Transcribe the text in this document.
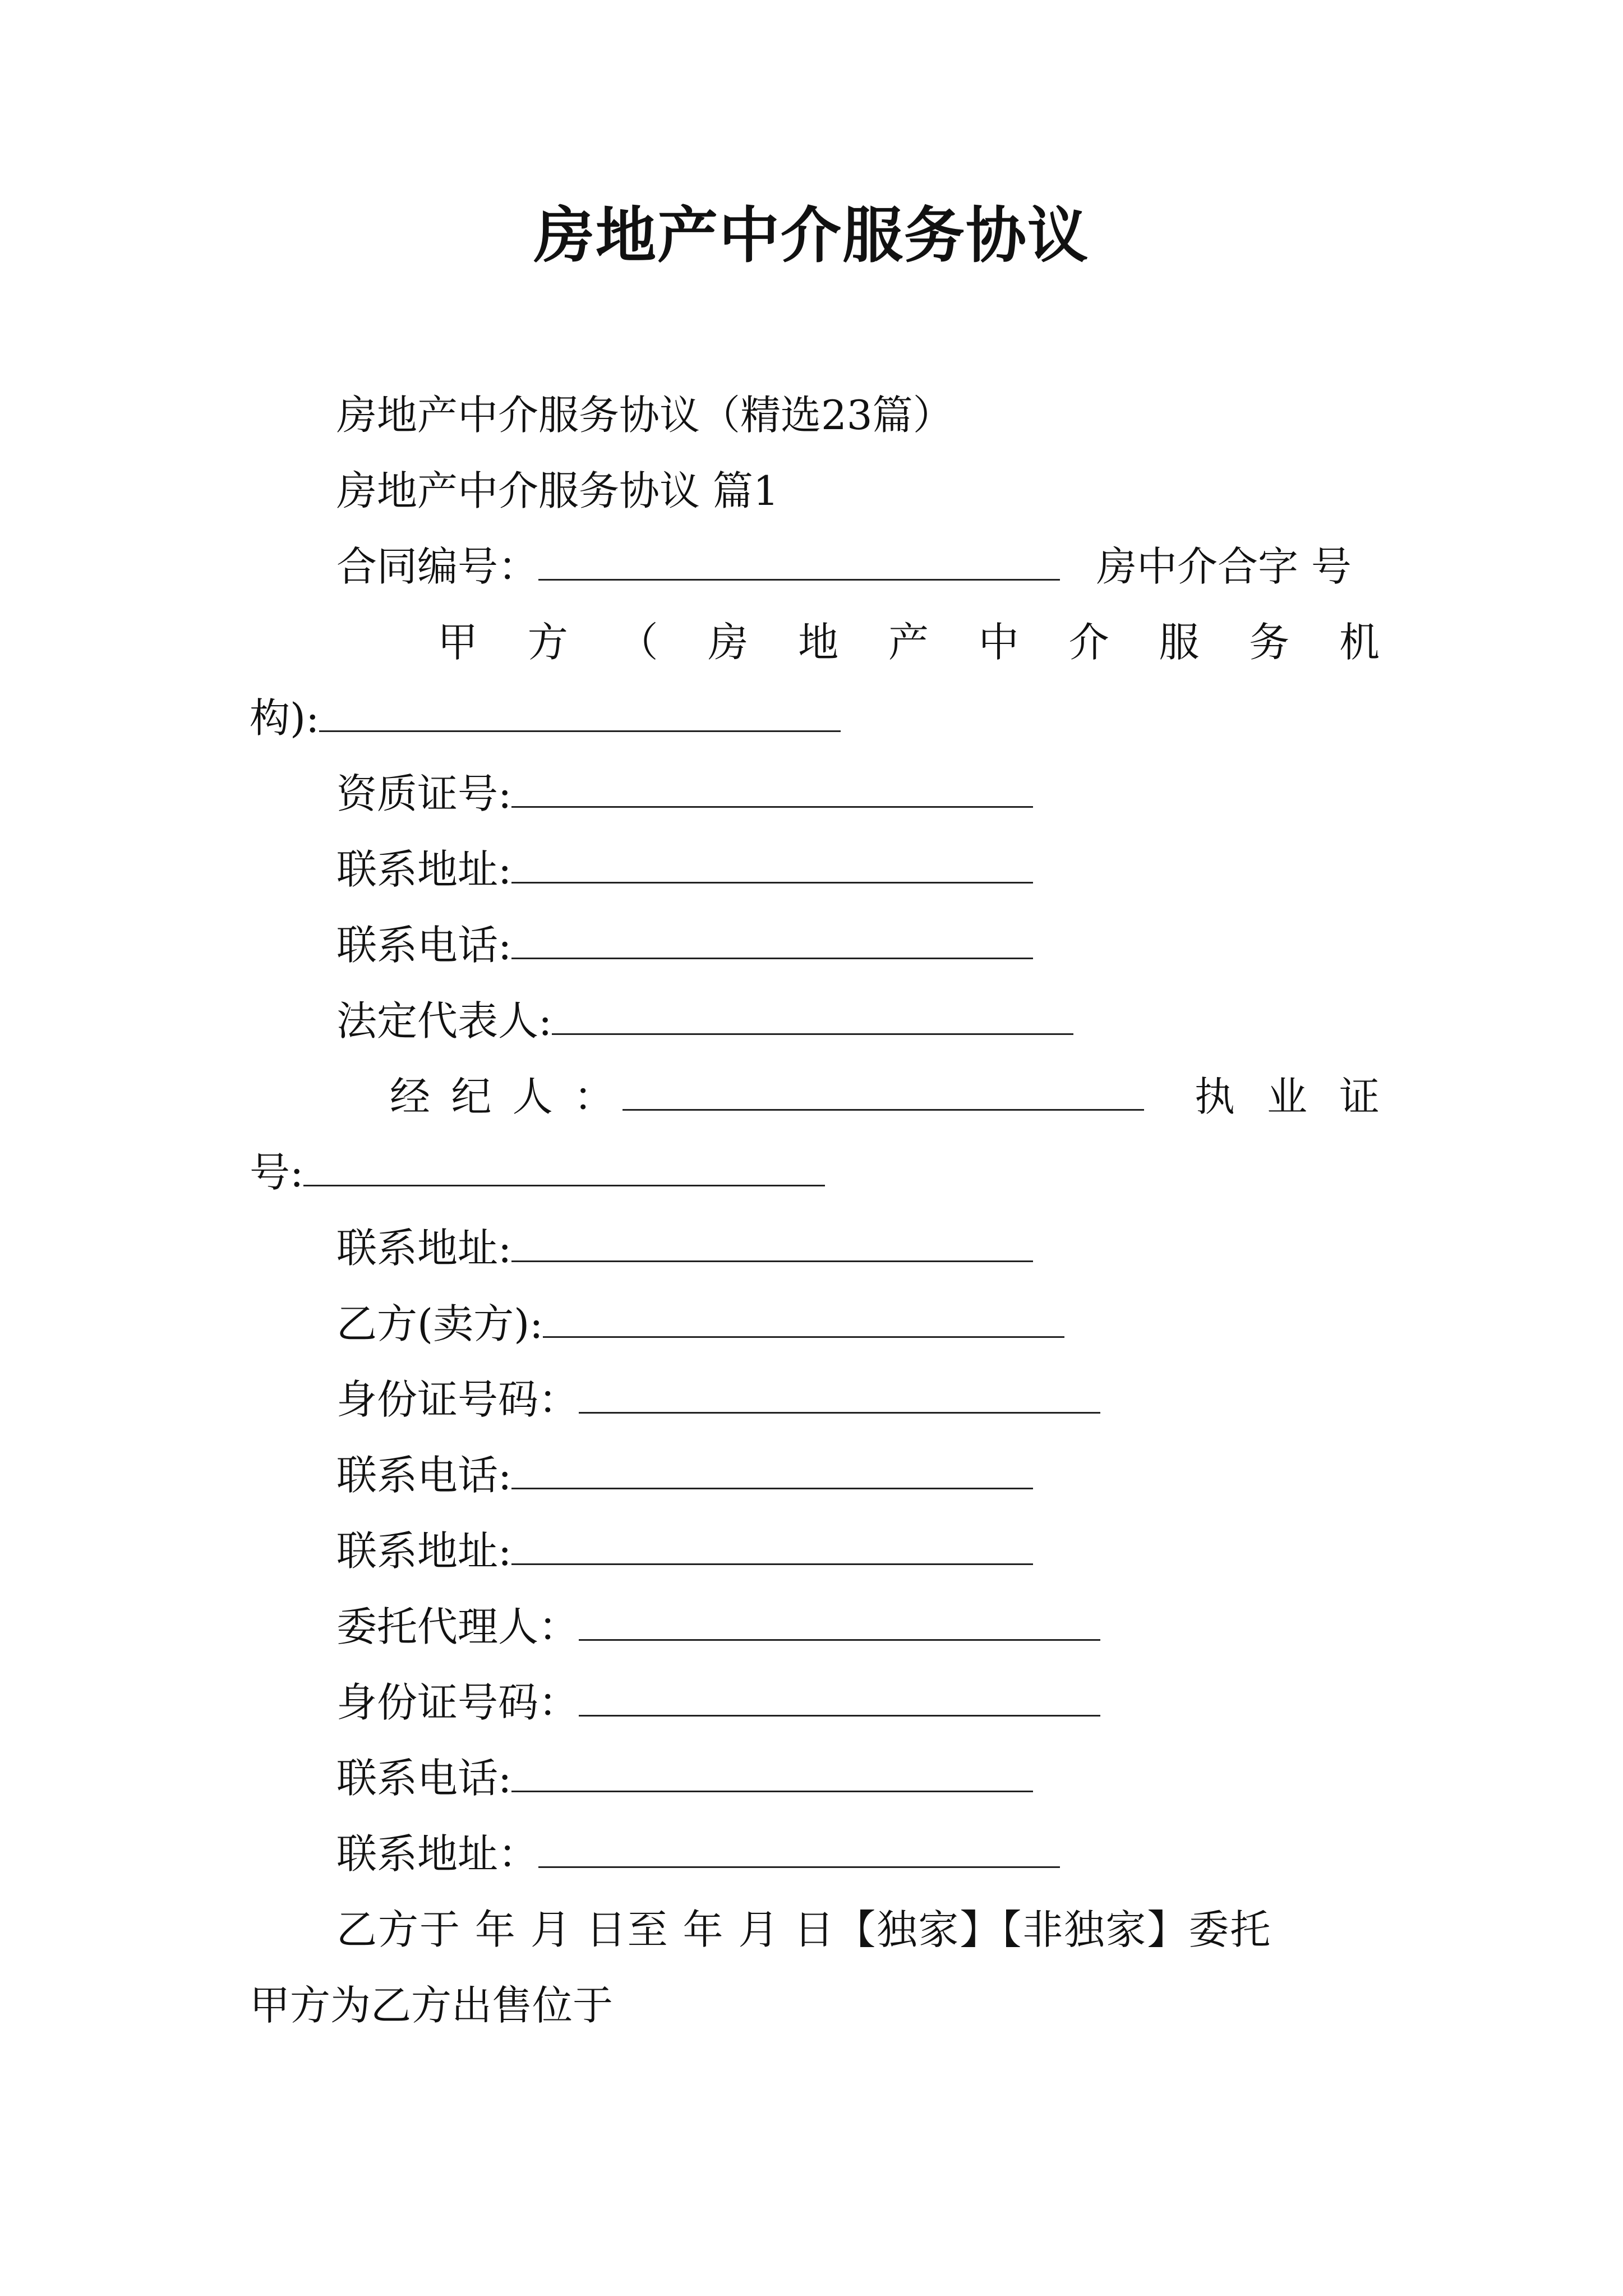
房地产中介服务协议
房地产中介服务协议（精选23篇）
房地产中介服务协议 篇1
合同编号：	房中介合字 号
甲 方 （ 房 地 产 中 介 服 务 机
构):
资质证号:
联系地址:
联系电话:
法定代表人:
经 纪 人 ：	执 业 证
号:
联系地址:
乙方(卖方):
身份证号码：
联系电话:
联系地址:
委托代理人：
身份证号码：
联系电话:
联系地址：
乙方于 年 月 日至 年 月 日【独家】【非独家】委托
甲方为乙方出售位于
